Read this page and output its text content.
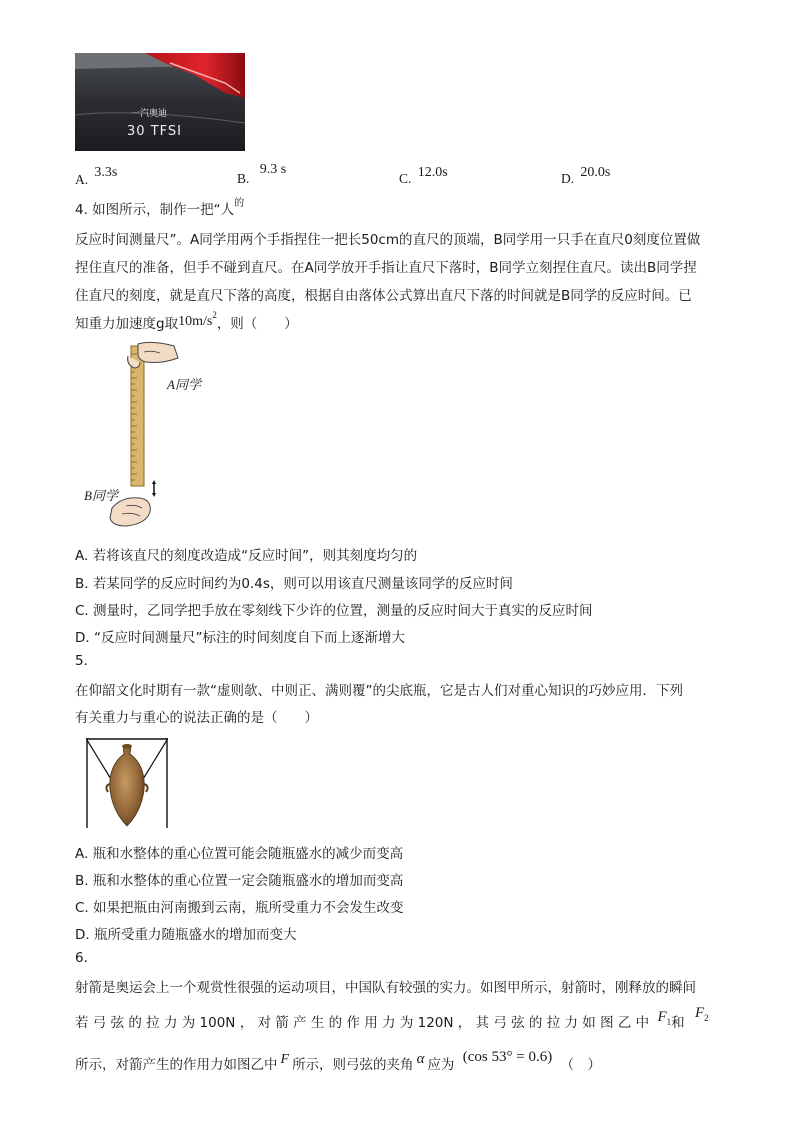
一汽奥迪
30 TFSI
A. 3.3s	B. 9.3 s
C. 12.0s	D. 20.0s
4. 如图所示，制作一把“人$^的$
反应时间测量尺”。A同学用两个手指捏住一把长50cm的直尺的顶端，B同学用一只手在直尺0刻度位置做
捏住直尺的准备，但手不碰到直尺。在A同学放开手指让直尺下落时，B同学立刻捏住直尺。读出B同学捏
住直尺的刻度，就是直尺下落的高度，根据自由落体公式算出直尺下落的时间就是B同学的反应时间。已
知重力加速度g取$10m/s^2$，则（　　）
A同学
B同学
A. 若将该直尺的刻度改造成“反应时间”，则其刻度均匀的
B. 若某同学的反应时间约为0.4s，则可以用该直尺测量该同学的反应时间
C. 测量时，乙同学把手放在零刻线下少许的位置，测量的反应时间大于真实的反应时间
D. “反应时间测量尺”标注的时间刻度自下而上逐渐增大
5.
在仰韶文化时期有一款“虚则欹、中则正、满则覆”的尖底瓶，它是古人们对重心知识的巧妙应用．下列
有关重力与重心的说法正确的是（　　）
A. 瓶和水整体的重心位置可能会随瓶盛水的减少而变高
B. 瓶和水整体的重心位置一定会随瓶盛水的增加而变高
C. 如果把瓶由河南搬到云南，瓶所受重力不会发生改变
D. 瓶所受重力随瓶盛水的增加而变大
6.
射箭是奥运会上一个观赏性很强的运动项目，中国队有较强的实力。如图甲所示，射箭时，刚释放的瞬间
若 弓 弦 的 拉 力 为 100N ， 对 箭 产 生 的 作 用 力 为 120N ， 其 弓 弦 的 拉 力 如 图 乙 中 F1和 $F^2$
所示，对箭产生的作用力如图乙中 F 所示，则弓弦的夹角 α 应为 (cos 53° = 0.6) （　）
